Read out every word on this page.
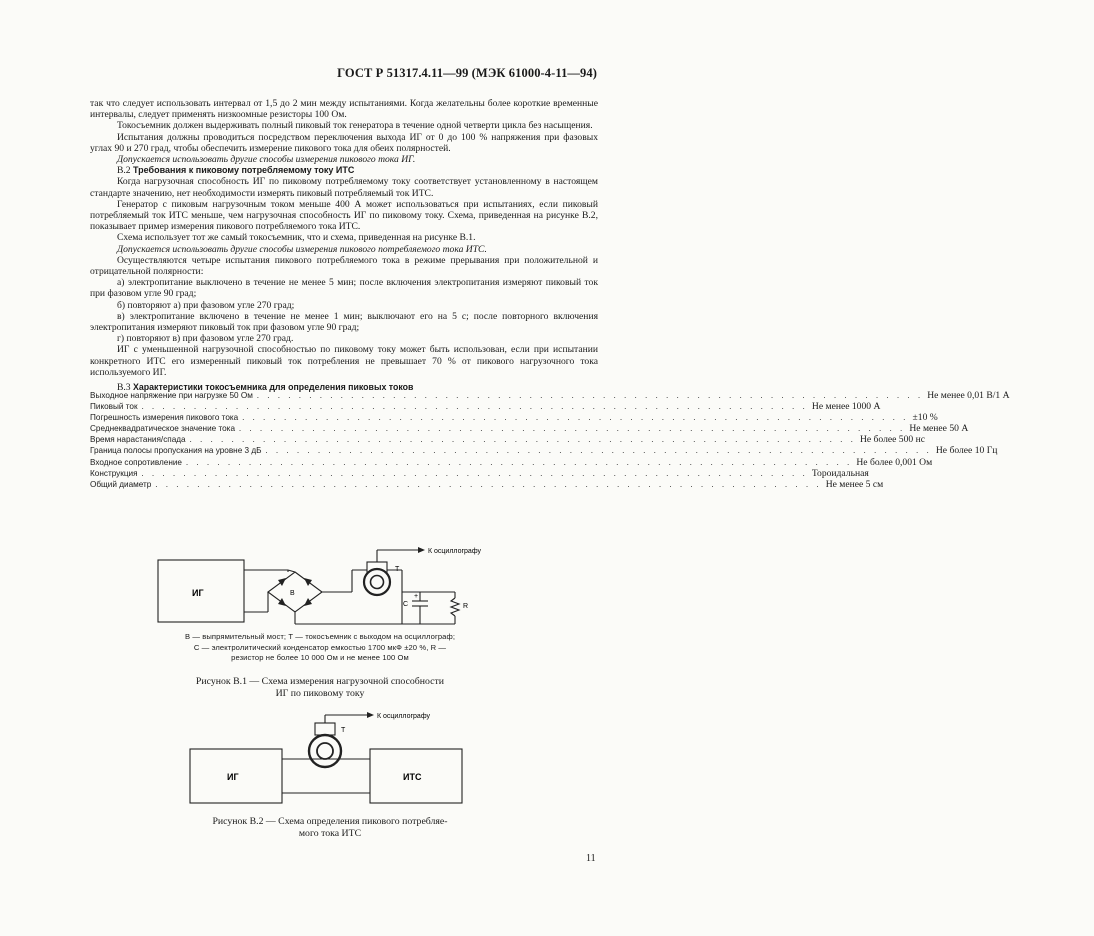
ГОСТ Р 51317.4.11—99 (МЭК 61000-4-11—94)

так что следует использовать интервал от 1,5 до 2 мин между испытаниями. Когда желательны более короткие временные интервалы, следует применять низкоомные резисторы 100 Ом.

Токосъемник должен выдерживать полный пиковый ток генератора в течение одной четверти цикла без насыщения.

Испытания должны проводиться посредством переключения выхода ИГ от 0 до 100 % напряжения при фазовых углах 90 и 270 град, чтобы обеспечить измерение пикового тока для обеих полярностей.

Допускается использовать другие способы измерения пикового тока ИГ.

В.2 Требования к пиковому потребляемому току ИТС

Когда нагрузочная способность ИГ по пиковому потребляемому току соответствует установленному в настоящем стандарте значению, нет необходимости измерять пиковый потребляемый ток ИТС.

Генератор с пиковым нагрузочным током меньше 400 А может использоваться при испытаниях, если пиковый потребляемый ток ИТС меньше, чем нагрузочная способность ИГ по пиковому току. Схема, приведенная на рисунке В.2, показывает пример измерения пикового потребляемого тока ИТС.

Схема использует тот же самый токосъемник, что и схема, приведенная на рисунке В.1.

Допускается использовать другие способы измерения пикового потребляемого тока ИТС.

Осуществляются четыре испытания пикового потребляемого тока в режиме прерывания при положительной и отрицательной полярности:

а) электропитание выключено в течение не менее 5 мин; после включения электропитания измеряют пиковый ток при фазовом угле 90 град;

б) повторяют а) при фазовом угле 270 град;

в) электропитание включено в течение не менее 1 мин; выключают его на 5 с; после повторного включения электропитания измеряют пиковый ток при фазовом угле 90 град;

г) повторяют в) при фазовом угле 270 град.

ИГ с уменьшенной нагрузочной способностью по пиковому току может быть использован, если при испытании конкретного ИТС его измеренный пиковый ток потребления не превышает 70 % от пикового нагрузочного тока используемого ИГ.

В.3 Характеристики токосъемника для определения пиковых токов

Выходное напряжение при нагрузке 50 Ом . . . . . . . . . . . . . . . . . . . . . . . . . . . . . . . . . . . . . . . . . . . . . . . . . . . . . . . . . . . . . . . . Не менее 0,01 В/1 А
Пиковый ток . . . . . . . . . . . . . . . . . . . . . . . . . . . . . . . . . . . . . . . . . . . . . . . . . . . . . . . . . . . . . . . . Не менее 1000 А
Погрешность измерения пикового тока . . . . . . . . . . . . . . . . . . . . . . . . . . . . . . . . . . . . . . . . . . . . . . . . . . . . . . . . . . . . . . . . ±10 %
Среднеквадратическое значение тока . . . . . . . . . . . . . . . . . . . . . . . . . . . . . . . . . . . . . . . . . . . . . . . . . . . . . . . . . . . . . . . . Не менее 50 А
Время нарастания/спада . . . . . . . . . . . . . . . . . . . . . . . . . . . . . . . . . . . . . . . . . . . . . . . . . . . . . . . . . . . . . . . . Не более 500 нс
Граница полосы пропускания на уровне 3 дБ . . . . . . . . . . . . . . . . . . . . . . . . . . . . . . . . . . . . . . . . . . . . . . . . . . . . . . . . . . . . . . . . Не более 10 Гц
Входное сопротивление . . . . . . . . . . . . . . . . . . . . . . . . . . . . . . . . . . . . . . . . . . . . . . . . . . . . . . . . . . . . . . . . Не более 0,001 Ом
Конструкция . . . . . . . . . . . . . . . . . . . . . . . . . . . . . . . . . . . . . . . . . . . . . . . . . . . . . . . . . . . . . . . . Тороидальная
Общий диаметр . . . . . . . . . . . . . . . . . . . . . . . . . . . . . . . . . . . . . . . . . . . . . . . . . . . . . . . . . . . . . . . . Не менее 5 см
ИГ	B
T
C
+
R
К осциллографу
В — выпрямительный мост; Т — токосъемник с выходом на осциллограф;
С — электролитический конденсатор емкостью 1700 мкФ ±20 %, R —
резистор не более 10 000 Ом и не менее 100 Ом
Рисунок В.1 — Схема измерения нагрузочной способности
ИГ по пиковому току
ИГ	ИТС
T
К осциллографу
Рисунок В.2 — Схема определения пикового потребляе-
мого тока ИТС
11
